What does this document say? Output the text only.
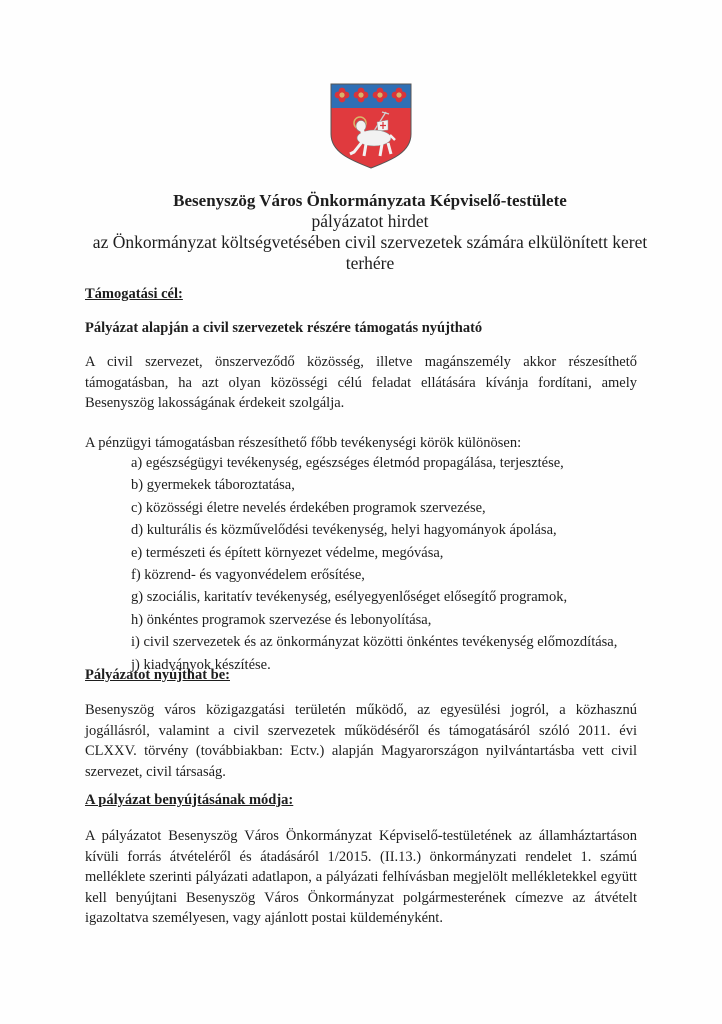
Besenyszög Város Önkormányzata Képviselő-testülete
pályázatot hirdet
az Önkormányzat költségvetésében civil szervezetek számára elkülönített keret
terhére
Támogatási cél:
Pályázat alapján a civil szervezetek részére támogatás nyújtható
A civil szervezet, önszerveződő közösség, illetve magánszemély akkor részesíthető támogatásban, ha azt olyan közösségi célú feladat ellátására kívánja fordítani, amely Besenyszög lakosságának érdekeit szolgálja.
A pénzügyi támogatásban részesíthető főbb tevékenységi körök különösen:
a) egészségügyi tevékenység, egészséges életmód propagálása, terjesztése,
b) gyermekek táboroztatása,
c) közösségi életre nevelés érdekében programok szervezése,
d) kulturális és közművelődési tevékenység, helyi hagyományok ápolása,
e) természeti és épített környezet védelme, megóvása,
f) közrend- és vagyonvédelem erősítése,
g) szociális, karitatív tevékenység, esélyegyenlőséget elősegítő programok,
h) önkéntes programok szervezése és lebonyolítása,
i) civil szervezetek és az önkormányzat közötti önkéntes tevékenység előmozdítása,
j) kiadványok készítése.
Pályázatot nyújthat be:
Besenyszög város közigazgatási területén működő, az egyesülési jogról, a közhasznú jogállásról, valamint a civil szervezetek működéséről és támogatásáról szóló 2011. évi CLXXV. törvény (továbbiakban: Ectv.) alapján Magyarországon nyilvántartásba vett civil szervezet, civil társaság.
A pályázat benyújtásának módja:
A pályázatot Besenyszög Város Önkormányzat Képviselő-testületének az államháztartáson kívüli forrás átvételéről és átadásáról 1/2015. (II.13.) önkormányzati rendelet 1. számú melléklete szerinti pályázati adatlapon, a pályázati felhívásban megjelölt mellékletekkel együtt kell benyújtani Besenyszög Város Önkormányzat polgármesterének címezve az átvételt igazoltatva személyesen, vagy ajánlott postai küldeményként.
